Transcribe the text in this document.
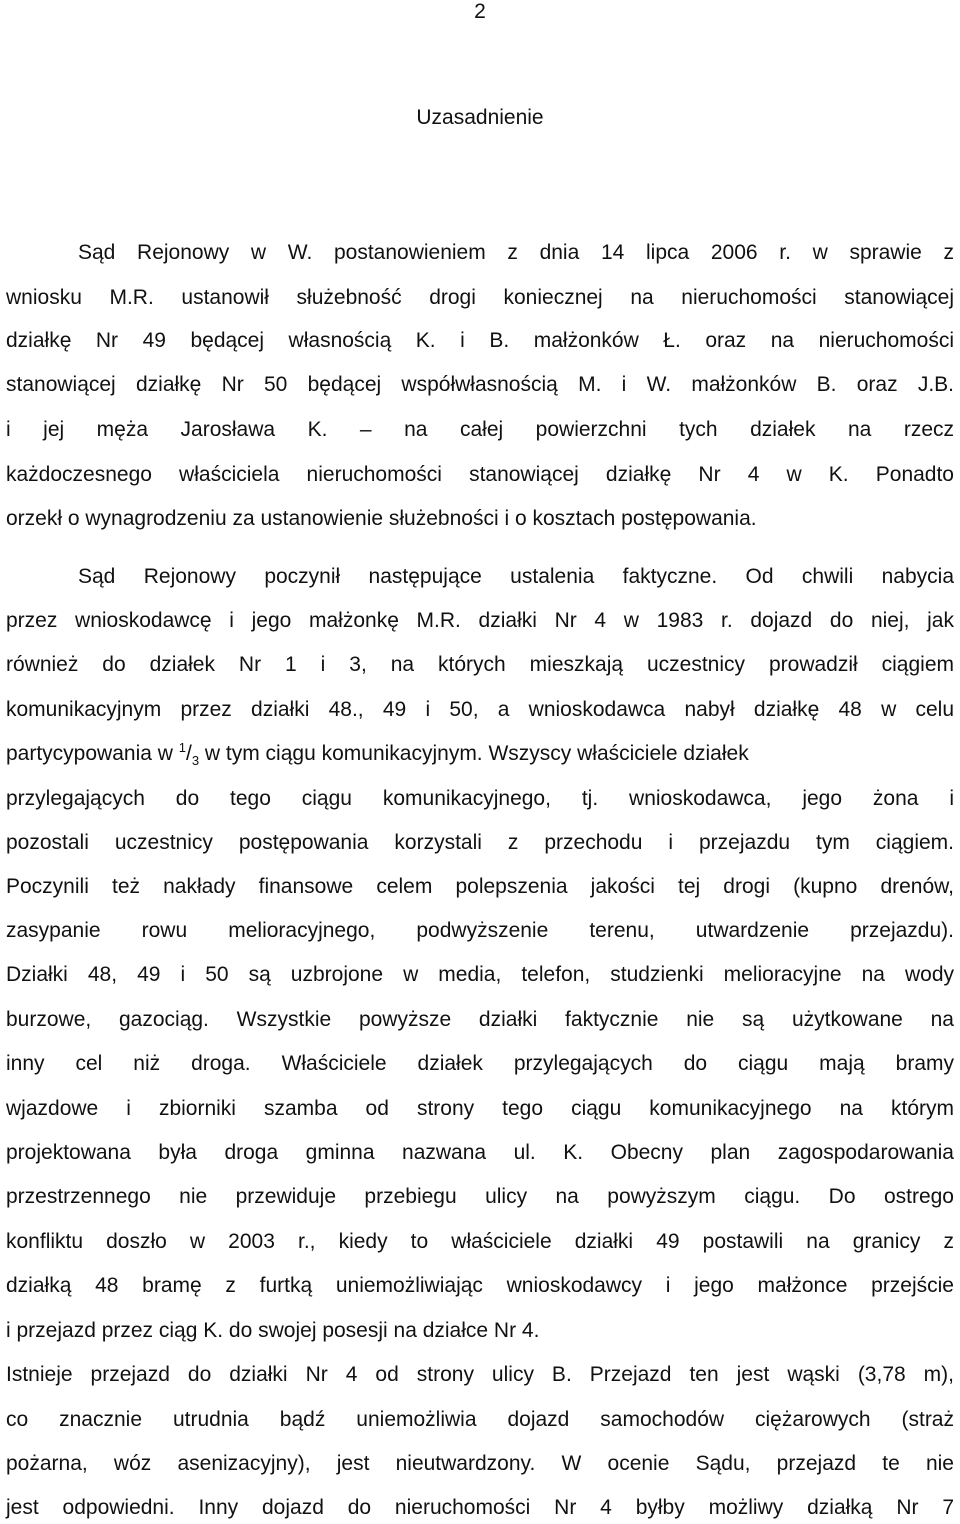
2
Uzasadnienie
Sąd Rejonowy w W. postanowieniem z dnia 14 lipca 2006 r. w sprawie z
wniosku M.R. ustanowił służebność drogi koniecznej na nieruchomości stanowiącej
działkę Nr 49 będącej własnością K. i B. małżonków Ł. oraz na nieruchomości
stanowiącej działkę Nr 50 będącej współwłasnością M. i W. małżonków B. oraz J.B.
i jej męża Jarosława K. – na całej powierzchni tych działek na rzecz
każdoczesnego właściciela nieruchomości stanowiącej działkę Nr 4 w K. Ponadto
orzekł o wynagrodzeniu za ustanowienie służebności i o kosztach postępowania.
Sąd Rejonowy poczynił następujące ustalenia faktyczne. Od chwili nabycia
przez wnioskodawcę i jego małżonkę M.R. działki Nr 4 w 1983 r. dojazd do niej, jak
również do działek Nr 1 i 3, na których mieszkają uczestnicy prowadził ciągiem
komunikacyjnym przez działki 48., 49 i 50, a wnioskodawca nabył działkę 48 w celu
partycypowania w $^1/_3$ w tym ciągu komunikacyjnym. Wszyscy właściciele działek
przylegających do tego ciągu komunikacyjnego, tj. wnioskodawca, jego żona i
pozostali uczestnicy postępowania korzystali z przechodu i przejazdu tym ciągiem.
Poczynili też nakłady finansowe celem polepszenia jakości tej drogi (kupno drenów,
zasypanie rowu melioracyjnego, podwyższenie terenu, utwardzenie przejazdu).
Działki 48, 49 i 50 są uzbrojone w media, telefon, studzienki melioracyjne na wody
burzowe, gazociąg. Wszystkie powyższe działki faktycznie nie są użytkowane na
inny cel niż droga. Właściciele działek przylegających do ciągu mają bramy
wjazdowe i zbiorniki szamba od strony tego ciągu komunikacyjnego na którym
projektowana była droga gminna nazwana ul. K. Obecny plan zagospodarowania
przestrzennego nie przewiduje przebiegu ulicy na powyższym ciągu. Do ostrego
konfliktu doszło w 2003 r., kiedy to właściciele działki 49 postawili na granicy z
działką 48 bramę z furtką uniemożliwiając wnioskodawcy i jego małżonce przejście
i przejazd przez ciąg K. do swojej posesji na działce Nr 4.
Istnieje przejazd do działki Nr 4 od strony ulicy B. Przejazd ten jest wąski (3,78 m),
co znacznie utrudnia bądź uniemożliwia dojazd samochodów ciężarowych (straż
pożarna, wóz asenizacyjny), jest nieutwardzony. W ocenie Sądu, przejazd te nie
jest odpowiedni. Inny dojazd do nieruchomości Nr 4 byłby możliwy działką Nr 7
